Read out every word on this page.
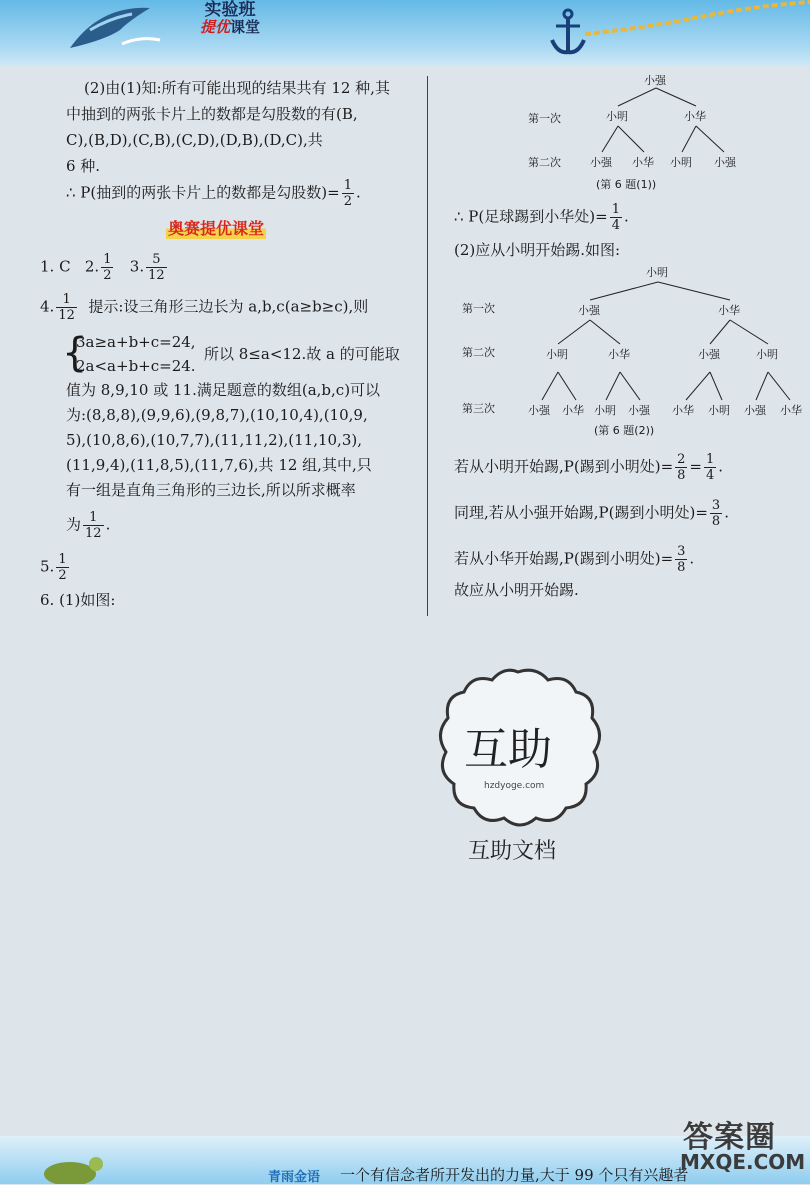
实验班
提优课堂
(2)由(1)知:所有可能出现的结果共有 12 种,其
中抽到的两张卡片上的数都是勾股数的有(B,
C),(B,D),(C,B),(C,D),(D,B),(D,C),共
6 种.
∴ P(抽到的两张卡片上的数都是勾股数)= $\frac{1}{2}$ .
奥赛提优课堂
1. C 2. $\frac{1}{2} 3$. $\frac{5}{12}$
4. $\frac{1}{12}$ 提示:设三角形三边长为 a,b,c(a≥b≥c),则
{
3a≥a+b+c=24,
2a<a+b+c=24.
所以 8≤a<12.故 a 的可能取
值为 8,9,10 或 11.满足题意的数组(a,b,c)可以
为:(8,8,8),(9,9,6),(9,8,7),(10,10,4),(10,9,
5),(10,8,6),(10,7,7),(11,11,2),(11,10,3),
(11,9,4),(11,8,5),(11,7,6),共 12 组,其中,只
有一组是直角三角形的三边长,所以所求概率
为 $\frac{1}{12}$ .
5. $\frac{1}{2}$
6. (1)如图:
小强
第一次
第二次
小明	小华
小强 小华 小明 小强
(第 6 题(1))
∴ P(足球踢到小华处)= $\frac{1}{4}$ .
(2)应从小明开始踢.如图:
小明
第一次
第二次
第三次
小强	小华
小明	小华	小强	小明
小强 小华 小明 小强 小华 小明 小强 小华
(第 6 题(2))
若从小明开始踢,P(踢到小明处)= $\frac{2}{8} = \frac{1}{4}$ .
同理,若从小强开始踢,P(踢到小明处)= $\frac{3}{8}$ .
若从小华开始踢,P(踢到小明处)= $\frac{3}{8}$ .
故应从小明开始踢.
互助
hzdyoge.com
互助文档
青雨金语 一个有信念者所开发出的力量,大于 99 个只有兴趣者
答案圈
MXQE.COM
